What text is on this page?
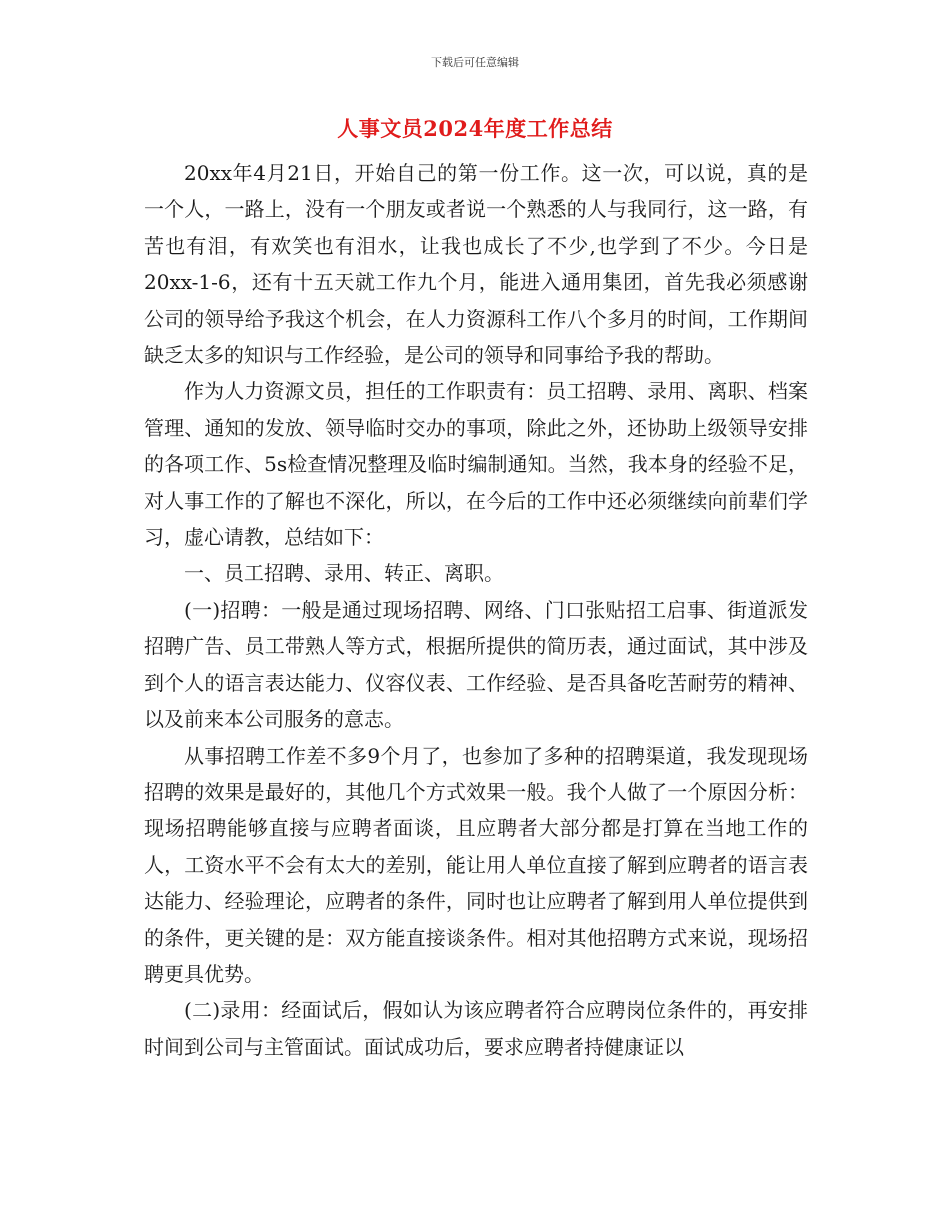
下载后可任意编辑
人事文员2024年度工作总结

20xx年4月21日，开始自己的第一份工作。这一次，可以说，真的是一个人，一路上，没有一个朋友或者说一个熟悉的人与我同行，这一路，有苦也有泪，有欢笑也有泪水，让我也成长了不少,也学到了不少。今日是20xx-1-6，还有十五天就工作九个月，能进入通用集团，首先我必须感谢公司的领导给予我这个机会，在人力资源科工作八个多月的时间，工作期间缺乏太多的知识与工作经验，是公司的领导和同事给予我的帮助。

作为人力资源文员，担任的工作职责有：员工招聘、录用、离职、档案管理、通知的发放、领导临时交办的事项，除此之外，还协助上级领导安排的各项工作、5s检查情况整理及临时编制通知。当然，我本身的经验不足，对人事工作的了解也不深化，所以，在今后的工作中还必须继续向前辈们学习，虚心请教，总结如下：

一、员工招聘、录用、转正、离职。

(一)招聘：一般是通过现场招聘、网络、门口张贴招工启事、街道派发招聘广告、员工带熟人等方式，根据所提供的简历表，通过面试，其中涉及到个人的语言表达能力、仪容仪表、工作经验、是否具备吃苦耐劳的精神、以及前来本公司服务的意志。

从事招聘工作差不多9个月了，也参加了多种的招聘渠道，我发现现场招聘的效果是最好的，其他几个方式效果一般。我个人做了一个原因分析：现场招聘能够直接与应聘者面谈，且应聘者大部分都是打算在当地工作的人，工资水平不会有太大的差别，能让用人单位直接了解到应聘者的语言表达能力、经验理论，应聘者的条件，同时也让应聘者了解到用人单位提供到的条件，更关键的是：双方能直接谈条件。相对其他招聘方式来说，现场招聘更具优势。

(二)录用：经面试后，假如认为该应聘者符合应聘岗位条件的，再安排时间到公司与主管面试。面试成功后，要求应聘者持健康证以
